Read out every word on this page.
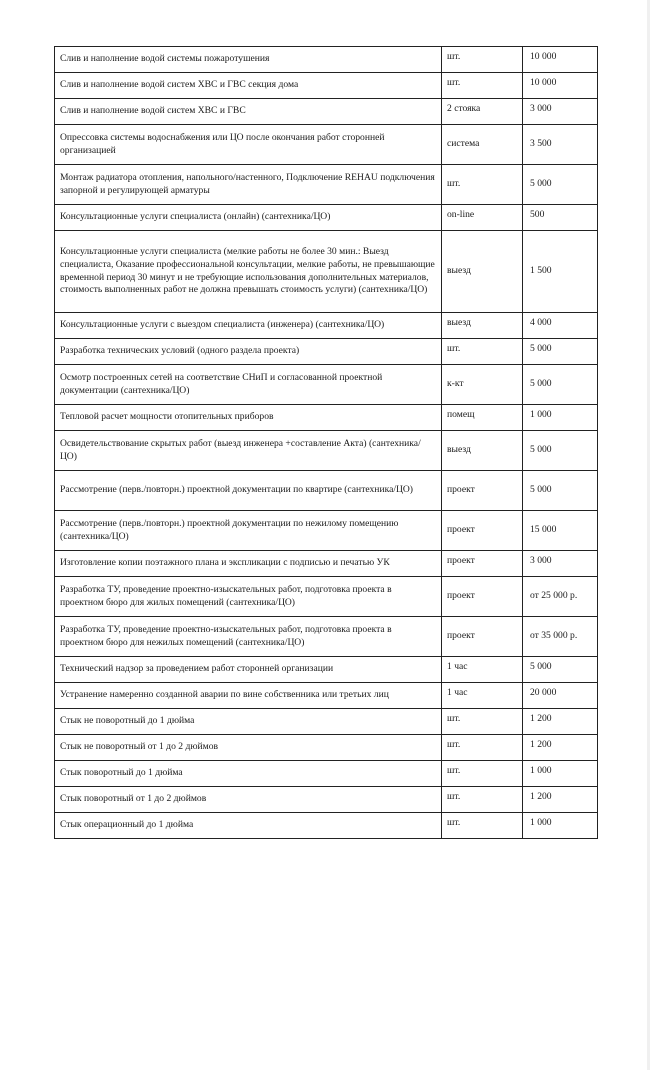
Слив и наполнение водой системы пожаротушения	шт.	10 000
Слив и наполнение водой систем ХВС и ГВС секция дома	шт.	10 000
Слив и наполнение водой систем ХВС и ГВС	2 стояка	3 000
Опрессовка системы водоснабжения или ЦО после окончания работ сторонней организацией	система	3 500
Монтаж радиатора отопления, напольного/настенного, Подключение REHAU подключения запорной и регулирующей арматуры	шт.	5 000
Консультационные услуги специалиста (онлайн) (сантехника/ЦО)	on-line	500
Консультационные услуги специалиста (мелкие работы не более 30 мин.: Выезд специалиста, Оказание профессиональной консультации, мелкие работы, не превышающие временной период 30 минут и не требующие использования дополнительных материалов, стоимость выполненных работ не должна превышать стоимость услуги) (сантехника/ЦО)	выезд	1 500
Консультационные услуги с выездом специалиста (инженера) (сантехника/ЦО)	выезд	4 000
Разработка технических условий (одного раздела проекта)	шт.	5 000
Осмотр построенных сетей на соответствие СНиП и согласованной проектной документации (сантехника/ЦО)	к-кт	5 000
Тепловой расчет мощности отопительных приборов	помещ	1 000
Освидетельствование скрытых работ (выезд инженера +составление Акта) (сантехника/ЦО)	выезд	5 000
Рассмотрение (перв./повторн.) проектной документации по квартире (сантехника/ЦО)	проект	5 000
Рассмотрение (перв./повторн.) проектной документации по нежилому помещению (сантехника/ЦО)	проект	15 000
Изготовление копии поэтажного плана и экспликации с подписью и печатью УК	проект	3 000
Разработка ТУ, проведение проектно-изыскательных работ, подготовка проекта в проектном бюро для жилых помещений (сантехника/ЦО)	проект	от 25 000 р.
Разработка ТУ, проведение проектно-изыскательных работ, подготовка проекта в проектном бюро для нежилых помещений (сантехника/ЦО)	проект	от 35 000 р.
Технический надзор за проведением работ сторонней организации	1 час	5 000
Устранение намеренно созданной аварии по вине собственника или третьих лиц	1 час	20 000
Стык не поворотный до 1 дюйма	шт.	1 200
Стык не поворотный от 1 до 2 дюймов	шт.	1 200
Стык поворотный до 1 дюйма	шт.	1 000
Стык поворотный от 1 до 2 дюймов	шт.	1 200
Стык операционный до 1 дюйма	шт.	1 000
